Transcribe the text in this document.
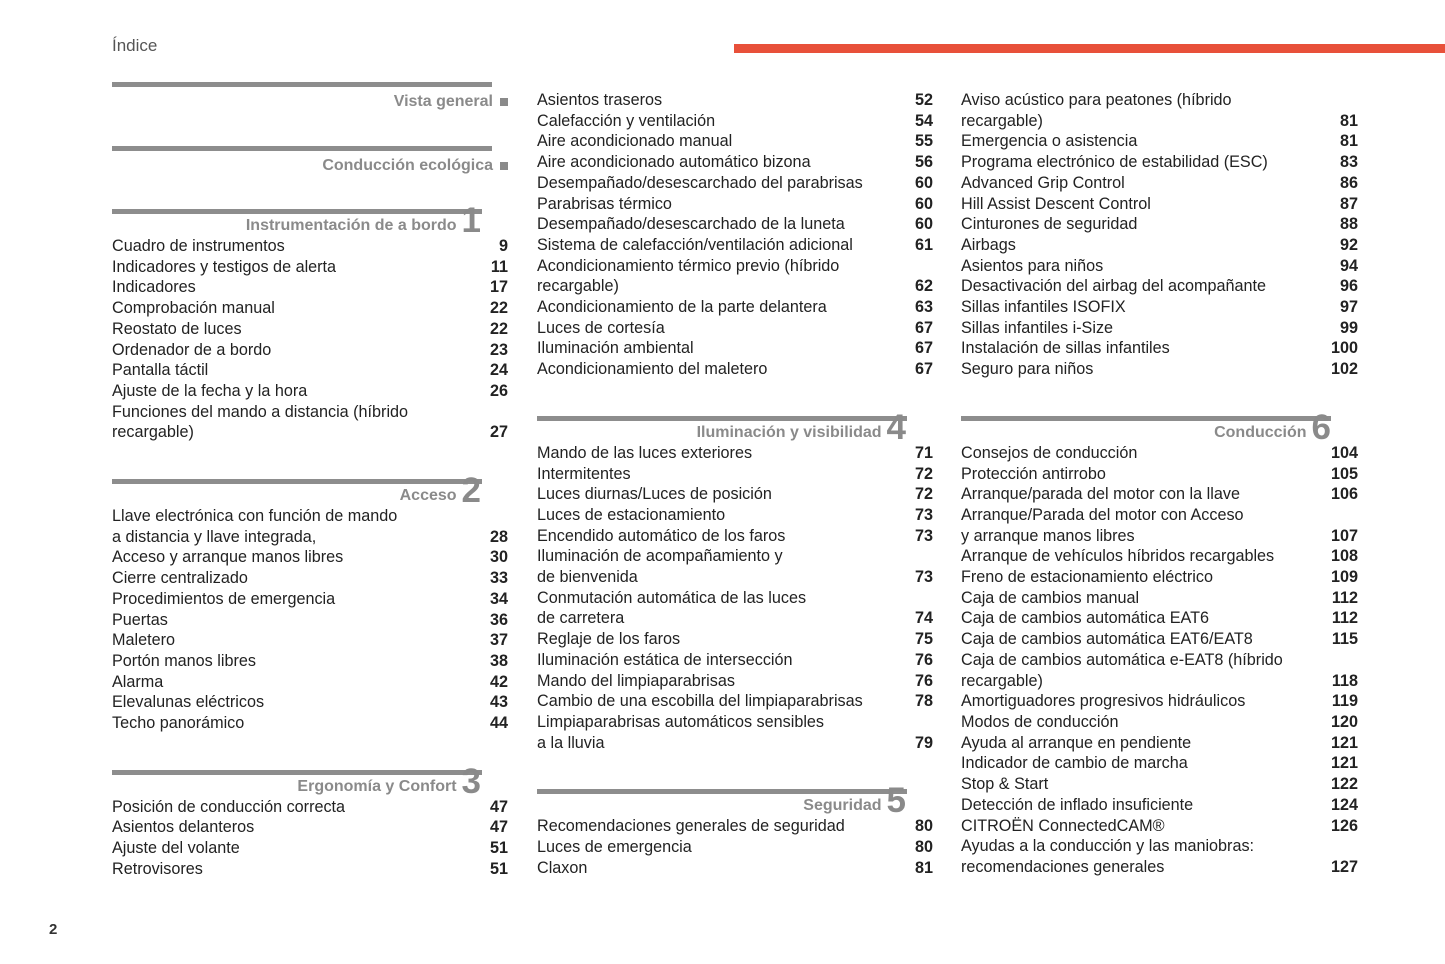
Índice
2
Vista general
Conducción ecológica
Instrumentación de a bordo 1
Cuadro de instrumentos	9
Indicadores y testigos de alerta	11
Indicadores	17
Comprobación manual	22
Reostato de luces	22
Ordenador de a bordo	23
Pantalla táctil	24
Ajuste de la fecha y la hora	26
Funciones del mando a distancia (híbrido
recargable)	27
Acceso 2
Llave electrónica con función de mando
a distancia y llave integrada,	28
Acceso y arranque manos libres	30
Cierre centralizado	33
Procedimientos de emergencia	34
Puertas	36
Maletero	37
Portón manos libres	38
Alarma	42
Elevalunas eléctricos	43
Techo panorámico	44
Ergonomía y Confort 3
Posición de conducción correcta	47
Asientos delanteros	47
Ajuste del volante	51
Retrovisores	51
Asientos traseros	52
Calefacción y ventilación	54
Aire acondicionado manual	55
Aire acondicionado automático bizona	56
Desempañado/desescarchado del parabrisas	60
Parabrisas térmico	60
Desempañado/desescarchado de la luneta	60
Sistema de calefacción/ventilación adicional	61
Acondicionamiento térmico previo (híbrido
recargable)	62
Acondicionamiento de la parte delantera	63
Luces de cortesía	67
Iluminación ambiental	67
Acondicionamiento del maletero	67
Iluminación y visibilidad 4
Mando de las luces exteriores	71
Intermitentes	72
Luces diurnas/Luces de posición	72
Luces de estacionamiento	73
Encendido automático de los faros	73
Iluminación de acompañamiento y
de bienvenida	73
Conmutación automática de las luces
de carretera	74
Reglaje de los faros	75
Iluminación estática de intersección	76
Mando del limpiaparabrisas	76
Cambio de una escobilla del limpiaparabrisas	78
Limpiaparabrisas automáticos sensibles
a la lluvia	79
Seguridad 5
Recomendaciones generales de seguridad	80
Luces de emergencia	80
Claxon	81
Aviso acústico para peatones (híbrido
recargable)	81
Emergencia o asistencia	81
Programa electrónico de estabilidad (ESC)	83
Advanced Grip Control	86
Hill Assist Descent Control	87
Cinturones de seguridad	88
Airbags	92
Asientos para niños	94
Desactivación del airbag del acompañante	96
Sillas infantiles ISOFIX	97
Sillas infantiles i-Size	99
Instalación de sillas infantiles	100
Seguro para niños	102
Conducción 6
Consejos de conducción	104
Protección antirrobo	105
Arranque/parada del motor con la llave	106
Arranque/Parada del motor con Acceso
y arranque manos libres	107
Arranque de vehículos híbridos recargables	108
Freno de estacionamiento eléctrico	109
Caja de cambios manual	112
Caja de cambios automática EAT6	112
Caja de cambios automática EAT6/EAT8	115
Caja de cambios automática e-EAT8 (híbrido
recargable)	118
Amortiguadores progresivos hidráulicos	119
Modos de conducción	120
Ayuda al arranque en pendiente	121
Indicador de cambio de marcha	121
Stop & Start	122
Detección de inflado insuficiente	124
CITROËN ConnectedCAM®	126
Ayudas a la conducción y las maniobras:
recomendaciones generales	127
